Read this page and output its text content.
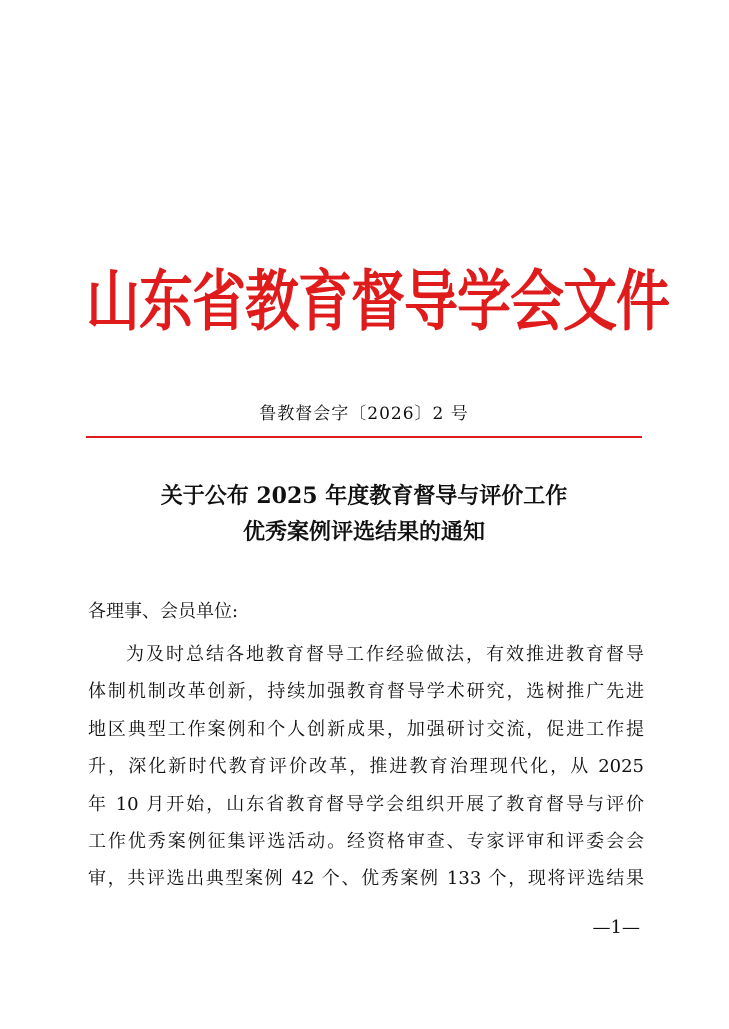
山东省教育督导学会文件
鲁教督会字〔2026〕2 号
关于公布 2025 年度教育督导与评价工作
优秀案例评选结果的通知
各理事、会员单位:
为及时总结各地教育督导工作经验做法，有效推进教育督导
体制机制改革创新，持续加强教育督导学术研究，选树推广先进
地区典型工作案例和个人创新成果，加强研讨交流，促进工作提
升，深化新时代教育评价改革，推进教育治理现代化，从 2025
年 10 月开始，山东省教育督导学会组织开展了教育督导与评价
工作优秀案例征集评选活动。经资格审查、专家评审和评委会会
审，共评选出典型案例 42 个、优秀案例 133 个，现将评选结果
—1—
